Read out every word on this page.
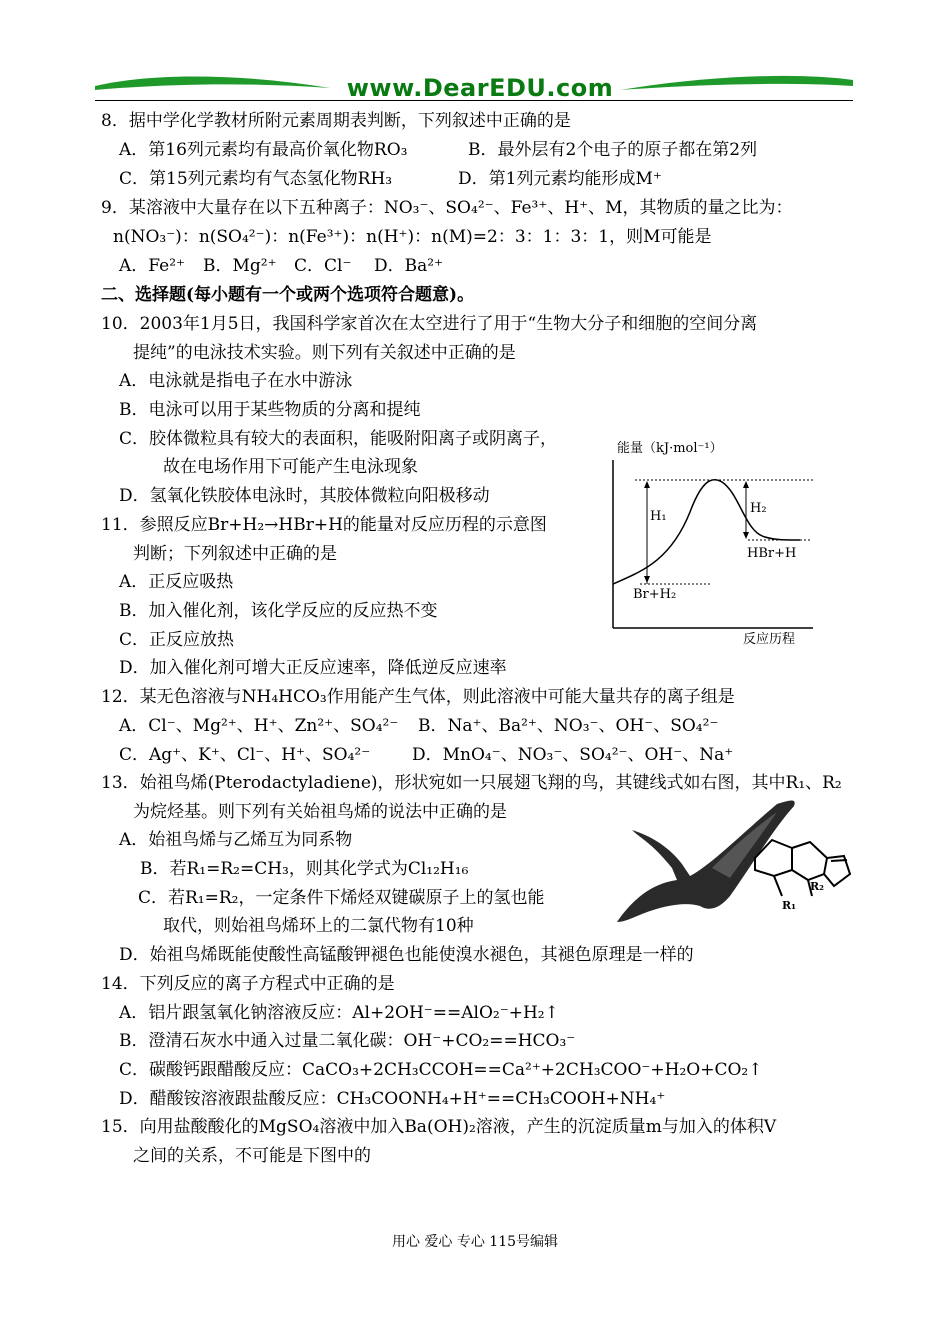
www.DearEDU.com
8．据中学化学教材所附元素周期表判断，下列叙述中正确的是
A．第16列元素均有最高价氧化物RO₃	B．最外层有2个电子的原子都在第2列
C．第15列元素均有气态氢化物RH₃	D．第1列元素均能形成M⁺
9．某溶液中大量存在以下五种离子：NO₃⁻、SO₄²⁻、Fe³⁺、H⁺、M，其物质的量之比为：
n(NO₃⁻)：n(SO₄²⁻)：n(Fe³⁺)：n(H⁺)：n(M)=2：3：1：3：1，则M可能是
A．Fe²⁺ B．Mg²⁺ C．Cl⁻ D．Ba²⁺
二、选择题(每小题有一个或两个选项符合题意)。
10．2003年1月5日，我国科学家首次在太空进行了用于“生物大分子和细胞的空间分离
提纯”的电泳技术实验。则下列有关叙述中正确的是
A．电泳就是指电子在水中游泳
B．电泳可以用于某些物质的分离和提纯
C．胶体微粒具有较大的表面积，能吸附阳离子或阴离子，
故在电场作用下可能产生电泳现象
D．氢氧化铁胶体电泳时，其胶体微粒向阳极移动
11．参照反应Br+H₂→HBr+H的能量对反应历程的示意图
判断；下列叙述中正确的是
A．正反应吸热
B．加入催化剂，该化学反应的反应热不变
C．正反应放热
D．加入催化剂可增大正反应速率，降低逆反应速率
能量（kJ·mol⁻¹）
H₁
H₂
HBr+H
Br+H₂
反应历程
12．某无色溶液与NH₄HCO₃作用能产生气体，则此溶液中可能大量共存的离子组是
A．Cl⁻、Mg²⁺、H⁺、Zn²⁺、SO₄²⁻ B．Na⁺、Ba²⁺、NO₃⁻、OH⁻、SO₄²⁻
C．Ag⁺、K⁺、Cl⁻、H⁺、SO₄²⁻ D．MnO₄⁻、NO₃⁻、SO₄²⁻、OH⁻、Na⁺
13．始祖鸟烯(Pterodactyladiene)，形状宛如一只展翅飞翔的鸟，其键线式如右图，其中R₁、R₂
为烷烃基。则下列有关始祖鸟烯的说法中正确的是
A．始祖鸟烯与乙烯互为同系物
B．若R₁=R₂=CH₃，则其化学式为Cl₁₂H₁₆
C．若R₁=R₂，一定条件下烯烃双键碳原子上的氢也能
取代，则始祖鸟烯环上的二氯代物有10种
D．始祖鸟烯既能使酸性高锰酸钾褪色也能使溴水褪色，其褪色原理是一样的
R₁
R₂
14．下列反应的离子方程式中正确的是
A．铝片跟氢氧化钠溶液反应：Al+2OH⁻==AlO₂⁻+H₂↑
B．澄清石灰水中通入过量二氧化碳：OH⁻+CO₂==HCO₃⁻
C．碳酸钙跟醋酸反应：CaCO₃+2CH₃CCOH==Ca²⁺+2CH₃COO⁻+H₂O+CO₂↑
D．醋酸铵溶液跟盐酸反应：CH₃COONH₄+H⁺==CH₃COOH+NH₄⁺
15．向用盐酸酸化的MgSO₄溶液中加入Ba(OH)₂溶液，产生的沉淀质量m与加入的体积V
之间的关系，不可能是下图中的
用心 爱心 专心 115号编辑
